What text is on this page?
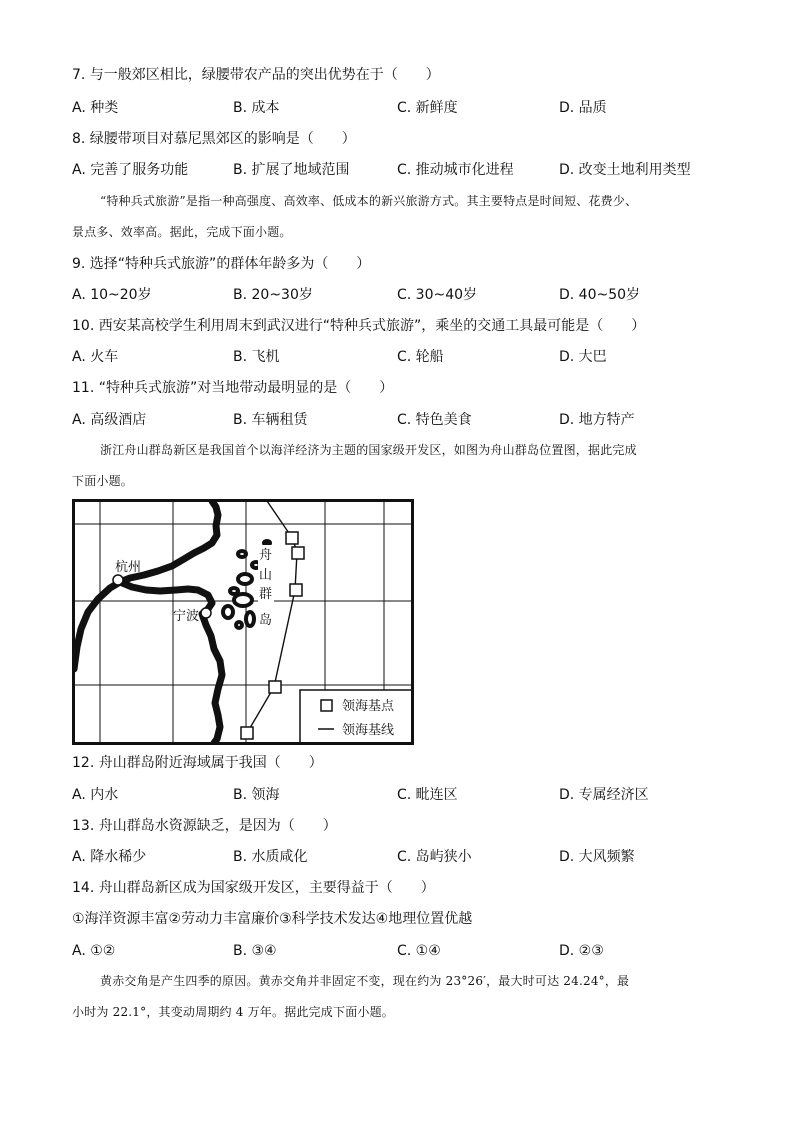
7. 与一般郊区相比，绿腰带农产品的突出优势在于（　　）
A. 种类	B. 成本	C. 新鲜度	D. 品质
8. 绿腰带项目对慕尼黑郊区的影响是（　　）
A. 完善了服务功能	B. 扩展了地域范围	C. 推动城市化进程	D. 改变土地利用类型
“特种兵式旅游”是指一种高强度、高效率、低成本的新兴旅游方式。其主要特点是时间短、花费少、
景点多、效率高。据此，完成下面小题。
9. 选择“特种兵式旅游”的群体年龄多为（　　）
A. 10~20岁	B. 20~30岁	C. 30~40岁	D. 40~50岁
10. 西安某高校学生利用周末到武汉进行“特种兵式旅游”，乘坐的交通工具最可能是（　　）
A. 火车	B. 飞机	C. 轮船	D. 大巴
11. “特种兵式旅游”对当地带动最明显的是（　　）
A. 高级酒店	B. 车辆租赁	C. 特色美食	D. 地方特产
浙江舟山群岛新区是我国首个以海洋经济为主题的国家级开发区，如图为舟山群岛位置图，据此完成
下面小题。
杭州
宁波
舟
山
群
岛
领海基点
领海基线
12. 舟山群岛附近海域属于我国（　　）
A. 内水	B. 领海	C. 毗连区	D. 专属经济区
13. 舟山群岛水资源缺乏，是因为（　　）
A. 降水稀少	B. 水质咸化	C. 岛屿狭小	D. 大风频繁
14. 舟山群岛新区成为国家级开发区，主要得益于（　　）
①海洋资源丰富②劳动力丰富廉价③科学技术发达④地理位置优越
A. ①②	B. ③④	C. ①④	D. ②③
黄赤交角是产生四季的原因。黄赤交角并非固定不变，现在约为 23°26′，最大时可达 24.24°，最
小时为 22.1°，其变动周期约 4 万年。据此完成下面小题。
